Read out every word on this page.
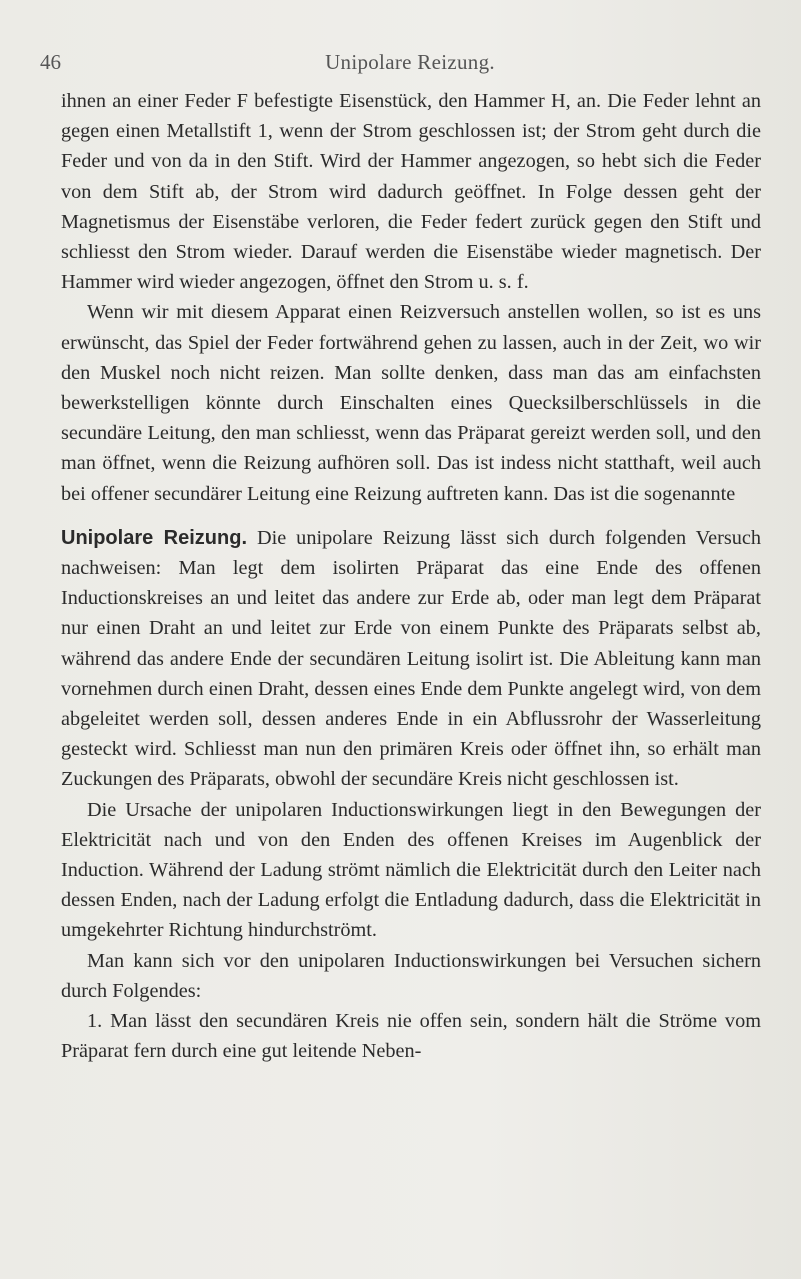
46	Unipolare Reizung.

ihnen an einer Feder F befestigte Eisenstück, den Hammer H, an. Die Feder lehnt an gegen einen Metallstift 1, wenn der Strom geschlossen ist; der Strom geht durch die Feder und von da in den Stift. Wird der Hammer angezogen, so hebt sich die Feder von dem Stift ab, der Strom wird dadurch geöffnet. In Folge dessen geht der Magnetismus der Eisenstäbe verloren, die Feder federt zurück gegen den Stift und schliesst den Strom wieder. Darauf werden die Eisenstäbe wieder magnetisch. Der Hammer wird wieder angezogen, öffnet den Strom u. s. f.

Wenn wir mit diesem Apparat einen Reizversuch anstellen wollen, so ist es uns erwünscht, das Spiel der Feder fortwährend gehen zu lassen, auch in der Zeit, wo wir den Muskel noch nicht reizen. Man sollte denken, dass man das am einfachsten bewerkstelligen könnte durch Einschalten eines Quecksilberschlüssels in die secundäre Leitung, den man schliesst, wenn das Präparat gereizt werden soll, und den man öffnet, wenn die Reizung aufhören soll. Das ist indess nicht statthaft, weil auch bei offener secundärer Leitung eine Reizung auftreten kann. Das ist die sogenannte

Unipolare Reizung. Die unipolare Reizung lässt sich durch folgenden Versuch nachweisen: Man legt dem isolirten Präparat das eine Ende des offenen Inductionskreises an und leitet das andere zur Erde ab, oder man legt dem Präparat nur einen Draht an und leitet zur Erde von einem Punkte des Präparats selbst ab, während das andere Ende der secundären Leitung isolirt ist. Die Ableitung kann man vornehmen durch einen Draht, dessen eines Ende dem Punkte angelegt wird, von dem abgeleitet werden soll, dessen anderes Ende in ein Abflussrohr der Wasserleitung gesteckt wird. Schliesst man nun den primären Kreis oder öffnet ihn, so erhält man Zuckungen des Präparats, obwohl der secundäre Kreis nicht geschlossen ist.

Die Ursache der unipolaren Inductionswirkungen liegt in den Bewegungen der Elektricität nach und von den Enden des offenen Kreises im Augenblick der Induction. Während der Ladung strömt nämlich die Elektricität durch den Leiter nach dessen Enden, nach der Ladung erfolgt die Entladung dadurch, dass die Elektricität in umgekehrter Richtung hindurchströmt.

Man kann sich vor den unipolaren Inductionswirkungen bei Versuchen sichern durch Folgendes:

1. Man lässt den secundären Kreis nie offen sein, sondern hält die Ströme vom Präparat fern durch eine gut leitende Neben-
